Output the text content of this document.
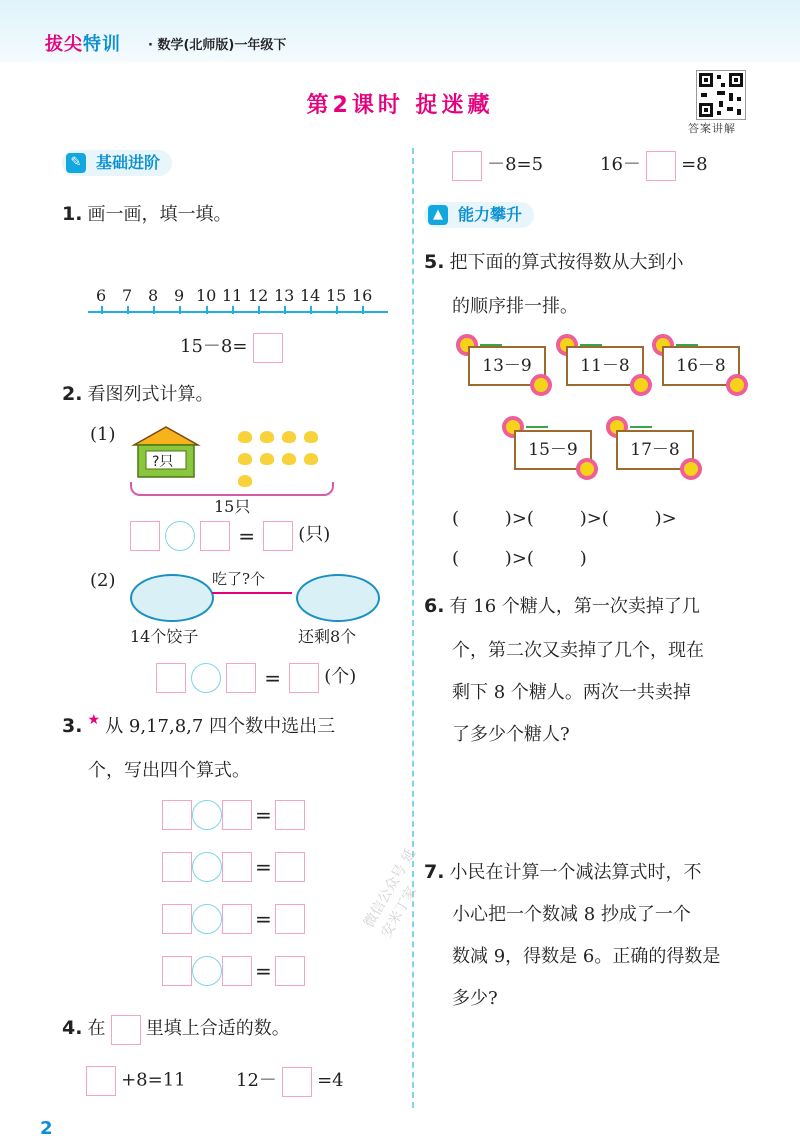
拔尖特训 · 数学(北师版)一年级下
第2课时 捉迷藏
答案讲解
✎ 基础进阶
1. 画一画，填一填。
6 7 8 9 10 11 12 13 14 15 16
15－8=
2. 看图列式计算。
(1)
?只

15只
= (只)
(2)	吃了?个
14个饺子	还剩8个
= (个)
3. ★ 从 9,17,8,7 四个数中选出三
个，写出四个算式。
=
=
=
=
4. 在 里填上合适的数。
+8=11	12－ =4
－8=5	16－ =8
▲ 能力攀升
5. 把下面的算式按得数从大到小
的顺序排一排。
13－9	11－8	16－8
15－9	17－8
(        )>(        )>(        )>
(        )>(        )
6. 有 16 个糖人，第一次卖掉了几
个，第二次又卖掉了几个，现在
剩下 8 个糖人。两次一共卖掉
了多少个糖人?
7. 小民在计算一个减法算式时，不
小心把一个数减 8 抄成了一个
数减 9，得数是 6。正确的得数是
多少?
微信公众号 延安米丁家
2
